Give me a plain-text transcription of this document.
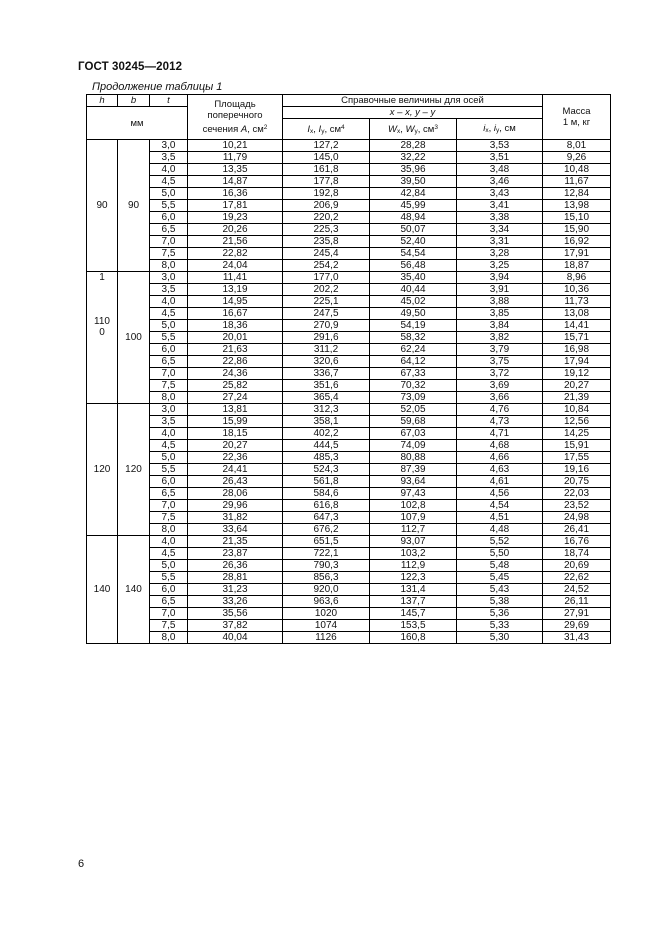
ГОСТ 30245—2012
Продолжение таблицы 1
h	b	t	Площадь
поперечного
сечения A, $см^2$	Справочные величины для осей			Масса
1 м, кг
мм				x – x, y – y			
				$I_x$, $I_y$, $см^4$	$W_x$, $W_y$, $см^3$	$i_x$, $i_y$, см	
90	90	3,0	10,21	127,2	28,28	3,53	8,01
		3,5	11,79	145,0	32,22	3,51	9,26
		4,0	13,35	161,8	35,96	3,48	10,48
		4,5	14,87	177,8	39,50	3,46	11,67
		5,0	16,36	192,8	42,84	3,43	12,84
		5,5	17,81	206,9	45,99	3,41	13,98
		6,0	19,23	220,2	48,94	3,38	15,10
		6,5	20,26	225,3	50,07	3,34	15,90
		7,0	21,56	235,8	52,40	3,31	16,92
		7,5	22,82	245,4	54,54	3,28	17,91
		8,0	24,04	254,2	56,48	3,25	18,87

1
110
0	100	3,0	11,41	177,0	35,40	3,94	8,96
		3,5	13,19	202,2	40,44	3,91	10,36
		4,0	14,95	225,1	45,02	3,88	11,73
		4,5	16,67	247,5	49,50	3,85	13,08
		5,0	18,36	270,9	54,19	3,84	14,41
		5,5	20,01	291,6	58,32	3,82	15,71
		6,0	21,63	311,2	62,24	3,79	16,98
		6,5	22,86	320,6	64,12	3,75	17,94
		7,0	24,36	336,7	67,33	3,72	19,12
		7,5	25,82	351,6	70,32	3,69	20,27
		8,0	27,24	365,4	73,09	3,66	21,39
120	120	3,0	13,81	312,3	52,05	4,76	10,84
		3,5	15,99	358,1	59,68	4,73	12,56
		4,0	18,15	402,2	67,03	4,71	14,25
		4,5	20,27	444,5	74,09	4,68	15,91
		5,0	22,36	485,3	80,88	4,66	17,55
		5,5	24,41	524,3	87,39	4,63	19,16
		6,0	26,43	561,8	93,64	4,61	20,75
		6,5	28,06	584,6	97,43	4,56	22,03
		7,0	29,96	616,8	102,8	4,54	23,52
		7,5	31,82	647,3	107,9	4,51	24,98
		8,0	33,64	676,2	112,7	4,48	26,41
140	140	4,0	21,35	651,5	93,07	5,52	16,76
		4,5	23,87	722,1	103,2	5,50	18,74
		5,0	26,36	790,3	112,9	5,48	20,69
		5,5	28,81	856,3	122,3	5,45	22,62
		6,0	31,23	920,0	131,4	5,43	24,52
		6,5	33,26	963,6	137,7	5,38	26,11
		7,0	35,56	1020	145,7	5,36	27,91
		7,5	37,82	1074	153,5	5,33	29,69
		8,0	40,04	1126	160,8	5,30	31,43
6
